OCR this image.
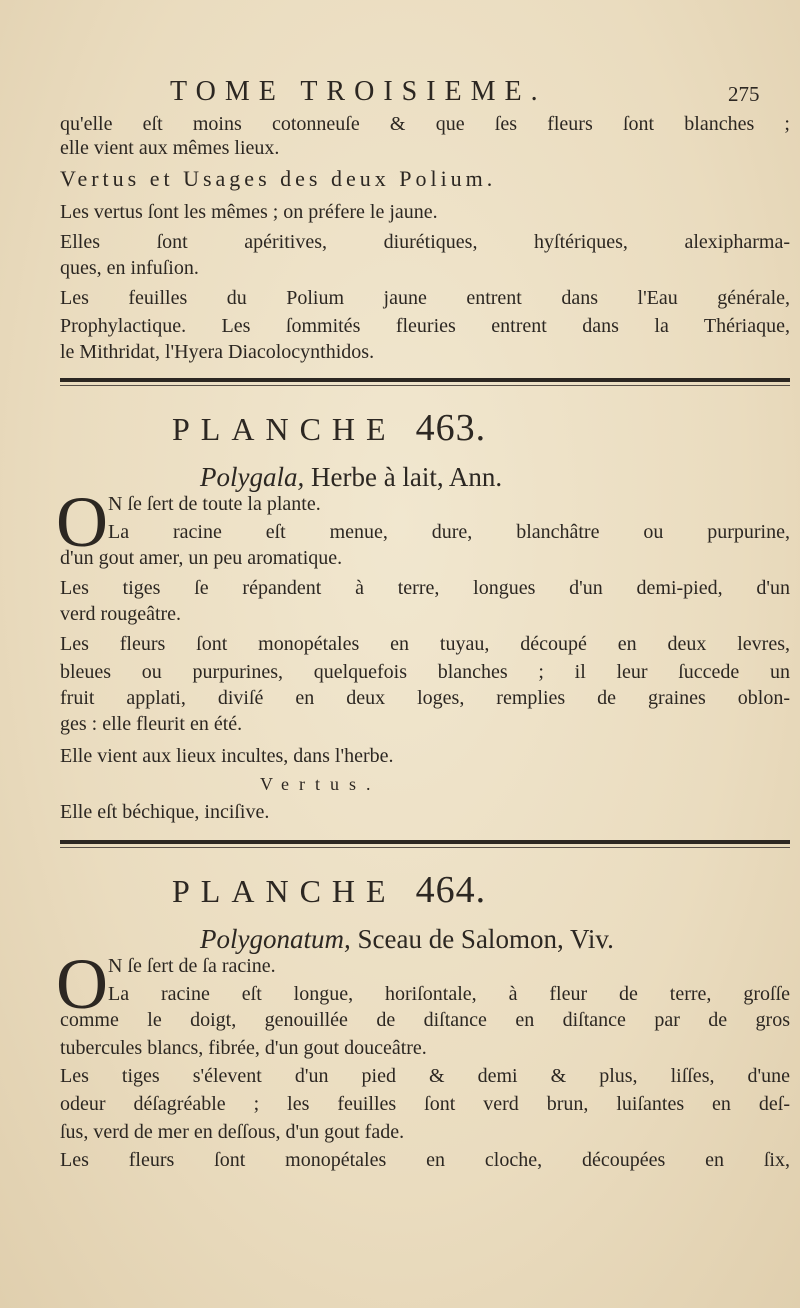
TOME TROISIEME.	275
qu'elle eſt moins cotonneuſe & que ſes fleurs ſont blanches ;
elle vient aux mêmes lieux.
Vertus et Usages des deux Polium.
Les vertus ſont les mêmes ; on préfere le jaune.
Elles ſont apéritives, diurétiques, hyſtériques, alexipharma-
ques, en infuſion.
Les feuilles du Polium jaune entrent dans l'Eau générale,
Prophylactique. Les ſommités fleuries entrent dans la Thériaque,
le Mithridat, l'Hyera Diacolocynthidos.
PLANCHE 463.
Polygala, Herbe à lait, Ann.
O N ſe ſert de toute la plante.
La racine eſt menue, dure, blanchâtre ou purpurine,
d'un gout amer, un peu aromatique.
Les tiges ſe répandent à terre, longues d'un demi-pied, d'un
verd rougeâtre.
Les fleurs ſont monopétales en tuyau, découpé en deux levres,
bleues ou purpurines, quelquefois blanches ; il leur ſuccede un
fruit applati, diviſé en deux loges, remplies de graines oblon-
ges : elle fleurit en été.
Elle vient aux lieux incultes, dans l'herbe.
Vertus.
Elle eſt béchique, inciſive.
PLANCHE 464.
Polygonatum, Sceau de Salomon, Viv.
O N ſe ſert de ſa racine.
La racine eſt longue, horiſontale, à fleur de terre, groſſe
comme le doigt, genouillée de diſtance en diſtance par de gros
tubercules blancs, fibrée, d'un gout douceâtre.
Les tiges s'élevent d'un pied & demi & plus, liſſes, d'une
odeur déſagréable ; les feuilles ſont verd brun, luiſantes en deſ-
ſus, verd de mer en deſſous, d'un gout fade.
Les fleurs ſont monopétales en cloche, découpées en ſix,
